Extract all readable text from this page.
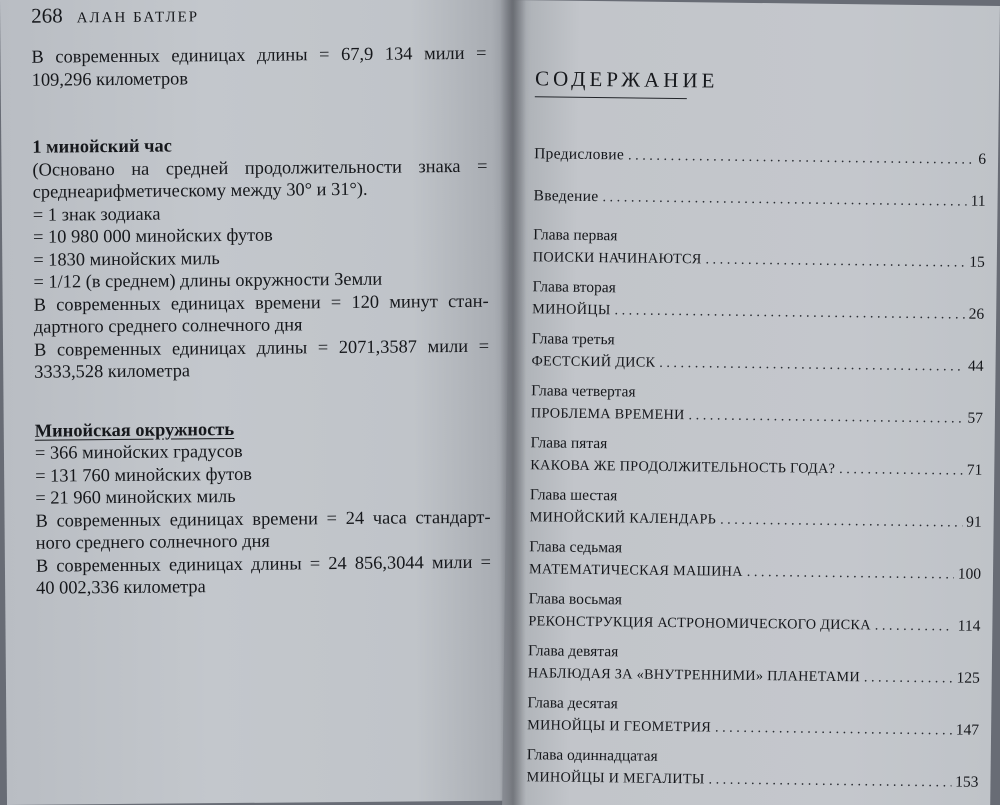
268 АЛАН БАТЛЕР
В современных единицах длины = 67,9 134 мили =
109,296 километров
1 минойский час
(Основано на средней продолжительности знака =
среднеарифметическому между 30° и 31°).
= 1 знак зодиака
= 10 980 000 минойских футов
= 1830 минойских миль
= 1/12 (в среднем) длины окружности Земли
В современных единицах времени = 120 минут стан-
дартного среднего солнечного дня
В современных единицах длины = 2071,3587 мили =
3333,528 километра
Минойская окружность
= 366 минойских градусов
= 131 760 минойских футов
= 21 960 минойских миль
В современных единицах времени = 24 часа стандарт-
ного среднего солнечного дня
В современных единицах длины = 24 856,3044 мили =
40 002,336 километра
СОДЕРЖАНИЕ
Предисловие . . .	6
Введение . . .	11
Глава первая
ПОИСКИ НАЧИНАЮТСЯ . . .	15
Глава вторая
МИНОЙЦЫ . . .	26
Глава третья
ФЕСТСКИЙ ДИСК . . .	44
Глава четвертая
ПРОБЛЕМА ВРЕМЕНИ . . .	57
Глава пятая
КАКОВА ЖЕ ПРОДОЛЖИТЕЛЬНОСТЬ ГОДА? . . .	71
Глава шестая
МИНОЙСКИЙ КАЛЕНДАРЬ . . .	91
Глава седьмая
МАТЕМАТИЧЕСКАЯ МАШИНА . . .	100
Глава восьмая
РЕКОНСТРУКЦИЯ АСТРОНОМИЧЕСКОГО ДИСКА . . .	114
Глава девятая
НАБЛЮДАЯ ЗА «ВНУТРЕННИМИ» ПЛАНЕТАМИ . . .	125
Глава десятая
МИНОЙЦЫ И ГЕОМЕТРИЯ . . .	147
Глава одиннадцатая
МИНОЙЦЫ И МЕГАЛИТЫ . . .	153
